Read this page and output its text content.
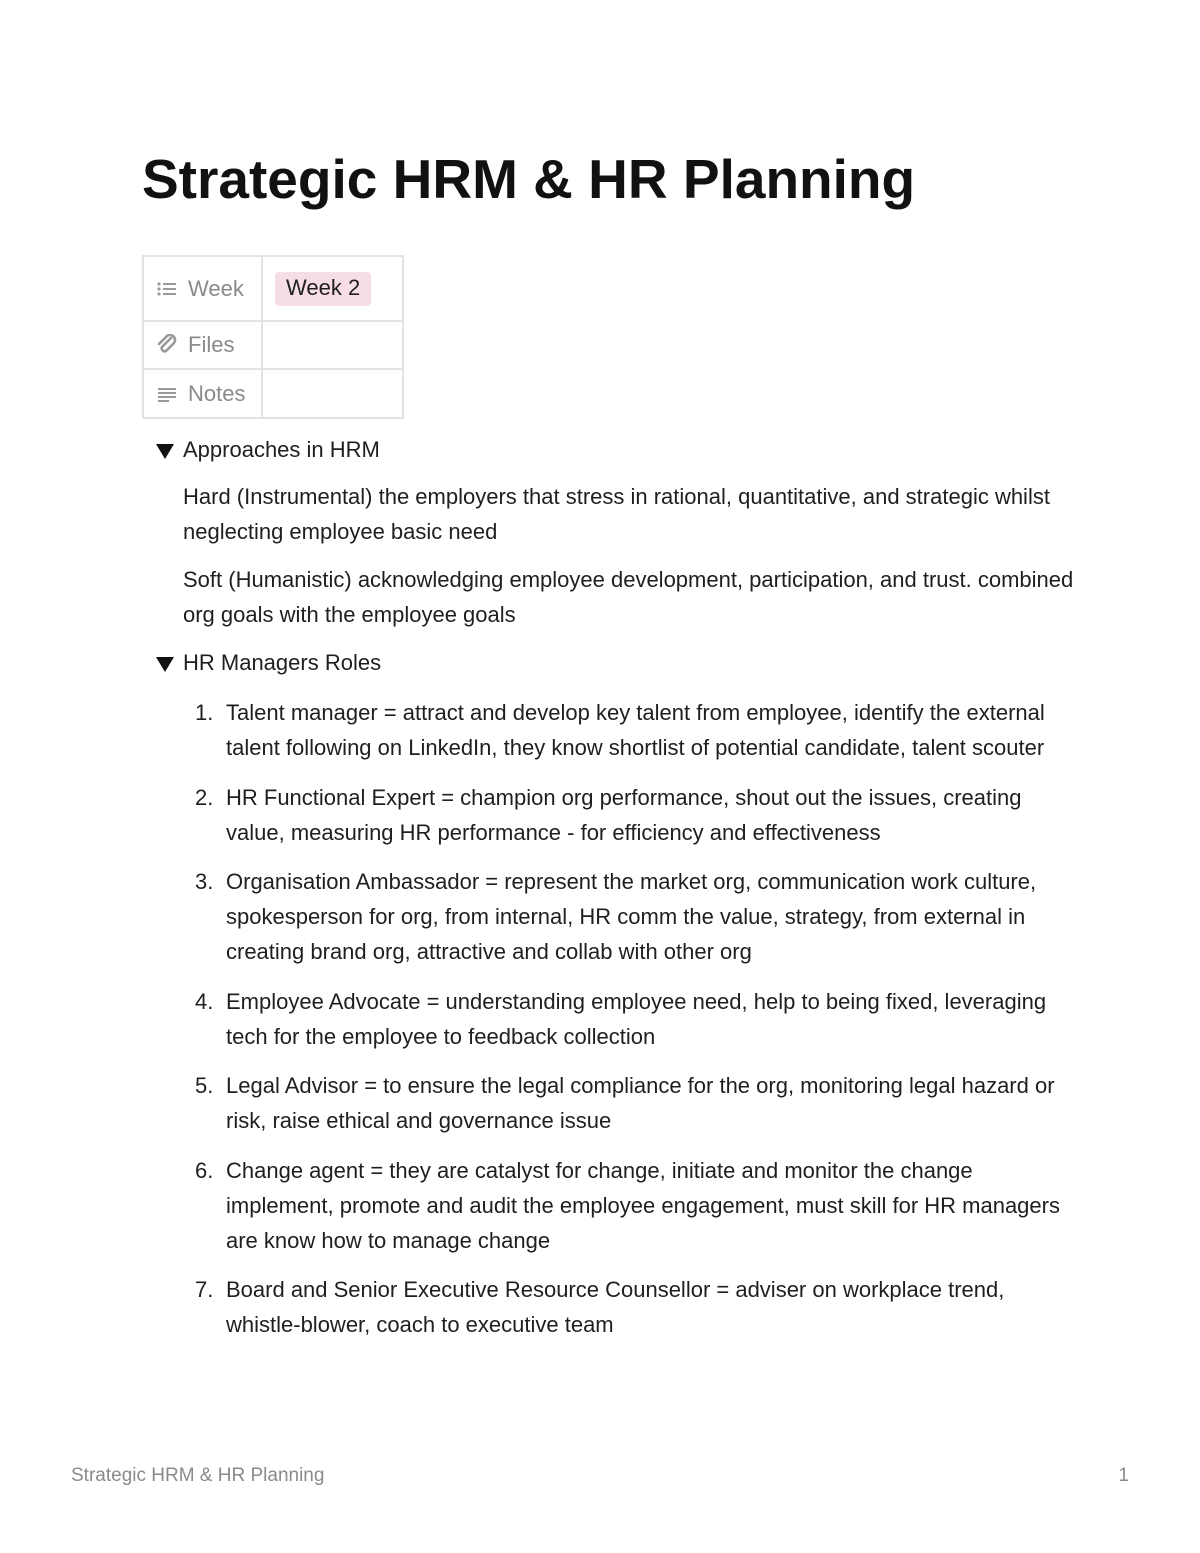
Strategic HRM & HR Planning
Week	Week 2

Files	

Notes	

Approaches in HRM

Hard (Instrumental) the employers that stress in rational, quantitative, and strategic whilst neglecting employee basic need

Soft (Humanistic) acknowledging employee development, participation, and trust. combined org goals with the employee goals

HR Managers Roles
1. Talent manager = attract and develop key talent from employee, identify the external talent following on LinkedIn, they know shortlist of potential candidate, talent scouter
2. HR Functional Expert = champion org performance, shout out the issues, creating value, measuring HR performance - for efficiency and effectiveness
3. Organisation Ambassador = represent the market org, communication work culture, spokesperson for org, from internal, HR comm the value, strategy, from external in creating brand org, attractive and collab with other org
4. Employee Advocate = understanding employee need, help to being fixed, leveraging tech for the employee to feedback collection
5. Legal Advisor = to ensure the legal compliance for the org, monitoring legal hazard or risk, raise ethical and governance issue
6. Change agent = they are catalyst for change, initiate and monitor the change implement, promote and audit the employee engagement, must skill for HR managers are know how to manage change
7. Board and Senior Executive Resource Counsellor = adviser on workplace trend, whistle-blower, coach to executive team
Strategic HRM & HR Planning	1
